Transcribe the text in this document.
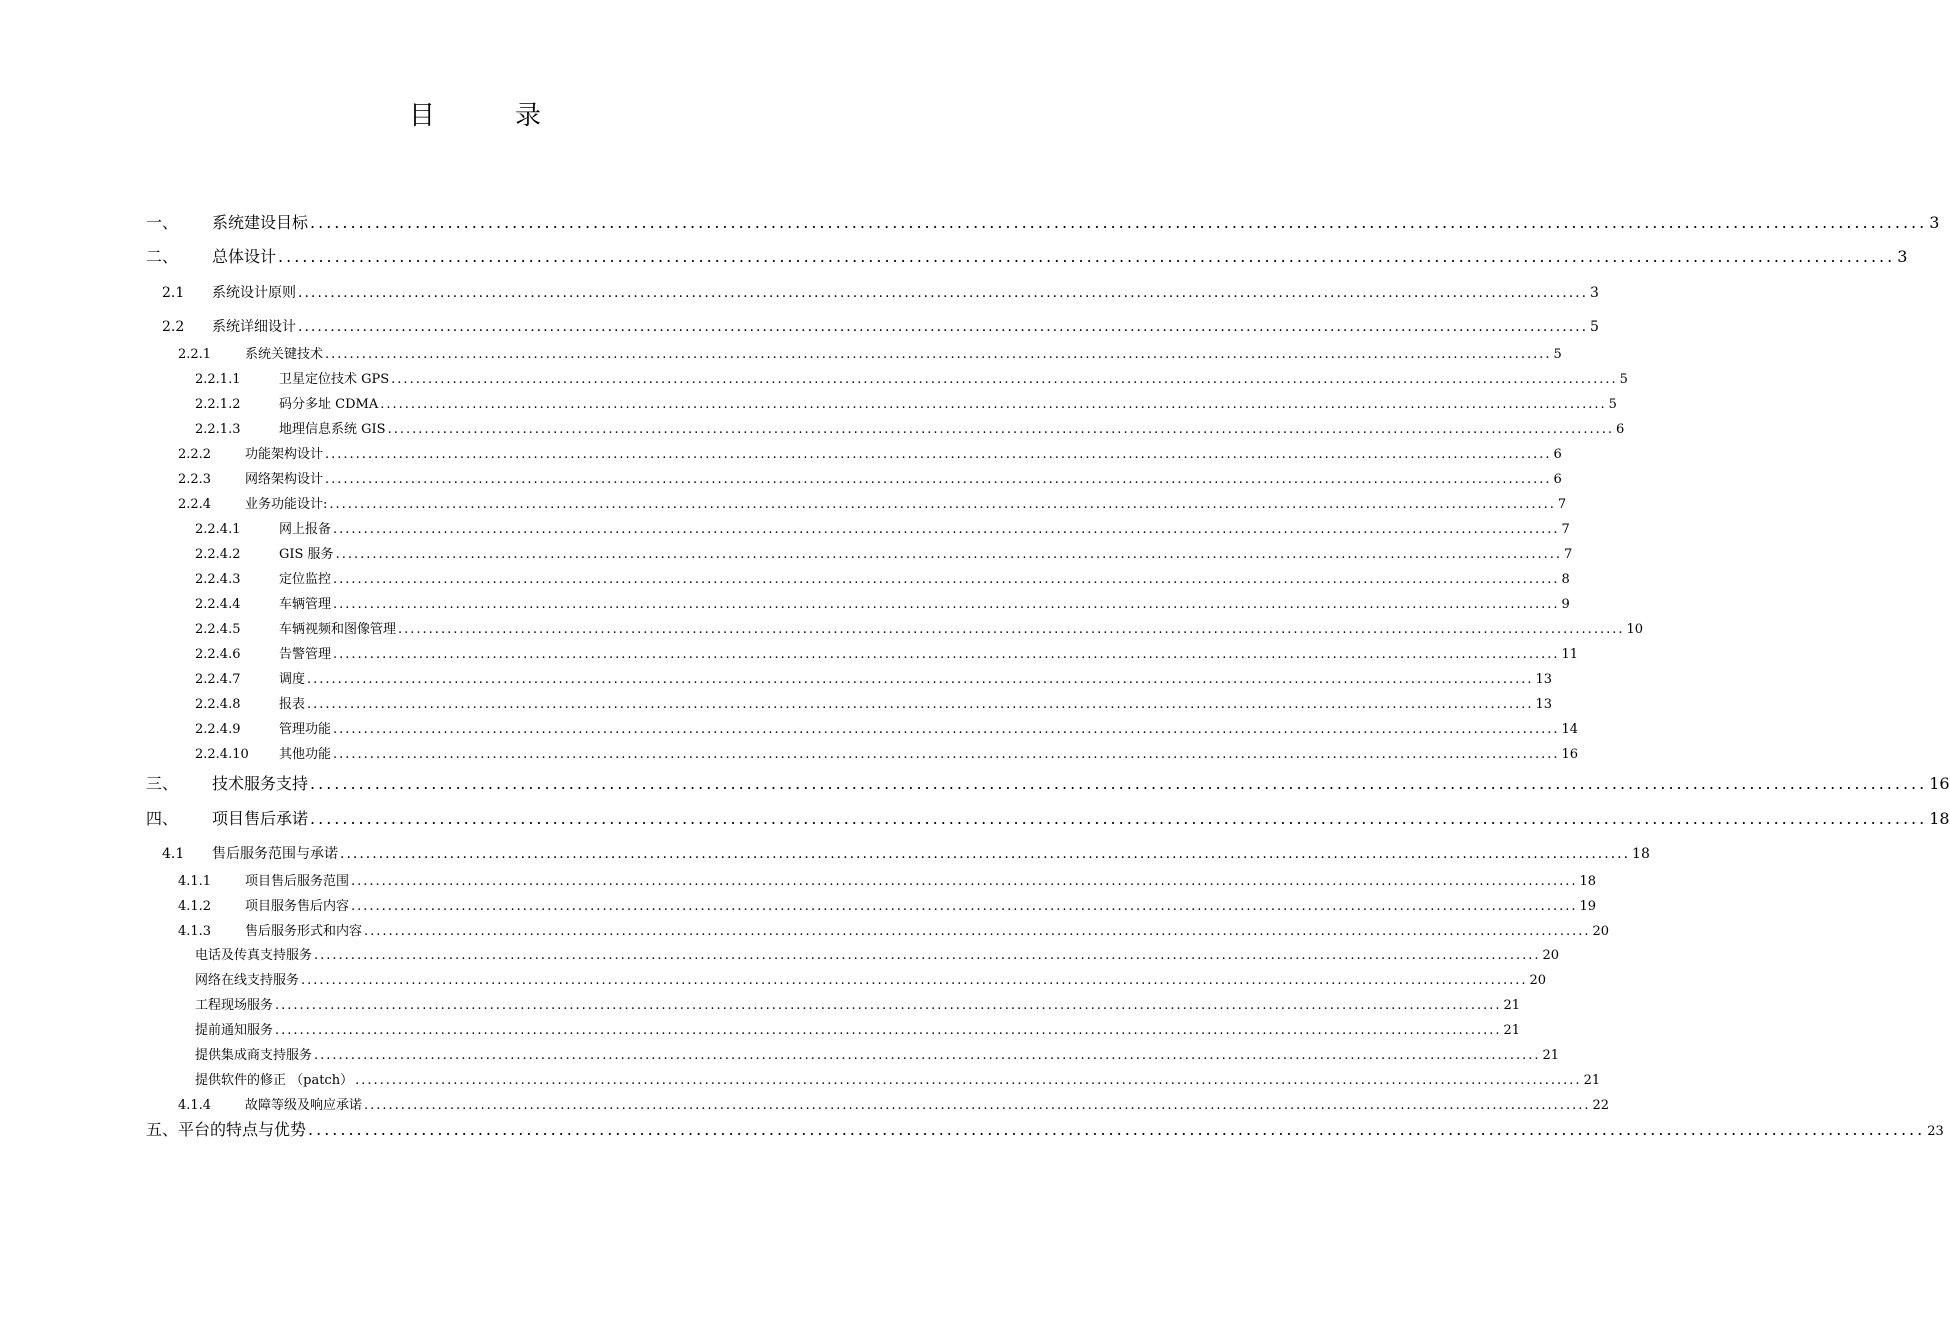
目	录
一、	系统建设目标 ........................................................................................................................................................................................................ 3
二、	总体设计 ........................................................................................................................................................................................................ 3
2.1	系统设计原则 ........................................................................................................................................................................................................ 3
2.2	系统详细设计 ........................................................................................................................................................................................................ 5
2.2.1	系统关键技术 ........................................................................................................................................................................................................ 5
2.2.1.1	卫星定位技术 GPS ........................................................................................................................................................................................................ 5
2.2.1.2	码分多址 CDMA ........................................................................................................................................................................................................ 5
2.2.1.3	地理信息系统 GIS ........................................................................................................................................................................................................ 6
2.2.2	功能架构设计 ........................................................................................................................................................................................................ 6
2.2.3	网络架构设计 ........................................................................................................................................................................................................ 6
2.2.4	业务功能设计: ........................................................................................................................................................................................................ 7
2.2.4.1	网上报备 ........................................................................................................................................................................................................ 7
2.2.4.2	GIS 服务 ........................................................................................................................................................................................................ 7
2.2.4.3	定位监控 ........................................................................................................................................................................................................ 8
2.2.4.4	车辆管理 ........................................................................................................................................................................................................ 9
2.2.4.5	车辆视频和图像管理 ........................................................................................................................................................................................................ 10
2.2.4.6	告警管理 ........................................................................................................................................................................................................ 11
2.2.4.7	调度 ........................................................................................................................................................................................................ 13
2.2.4.8	报表 ........................................................................................................................................................................................................ 13
2.2.4.9	管理功能 ........................................................................................................................................................................................................ 14
2.2.4.10	其他功能 ........................................................................................................................................................................................................ 16
三、	技术服务支持 ........................................................................................................................................................................................................ 16
四、	项目售后承诺 ........................................................................................................................................................................................................ 18
4.1	售后服务范围与承诺 ........................................................................................................................................................................................................ 18
4.1.1	项目售后服务范围 ........................................................................................................................................................................................................ 18
4.1.2	项目服务售后内容 ........................................................................................................................................................................................................ 19
4.1.3	售后服务形式和内容 ........................................................................................................................................................................................................ 20
电话及传真支持服务 ........................................................................................................................................................................................................ 20
网络在线支持服务 ........................................................................................................................................................................................................ 20
工程现场服务 ........................................................................................................................................................................................................ 21
提前通知服务 ........................................................................................................................................................................................................ 21
提供集成商支持服务 ........................................................................................................................................................................................................ 21
提供软件的修正 （patch） ........................................................................................................................................................................................................ 21
4.1.4	故障等级及响应承诺 ........................................................................................................................................................................................................ 22
五、平台的特点与优势 ........................................................................................................................................................................................................ 23
